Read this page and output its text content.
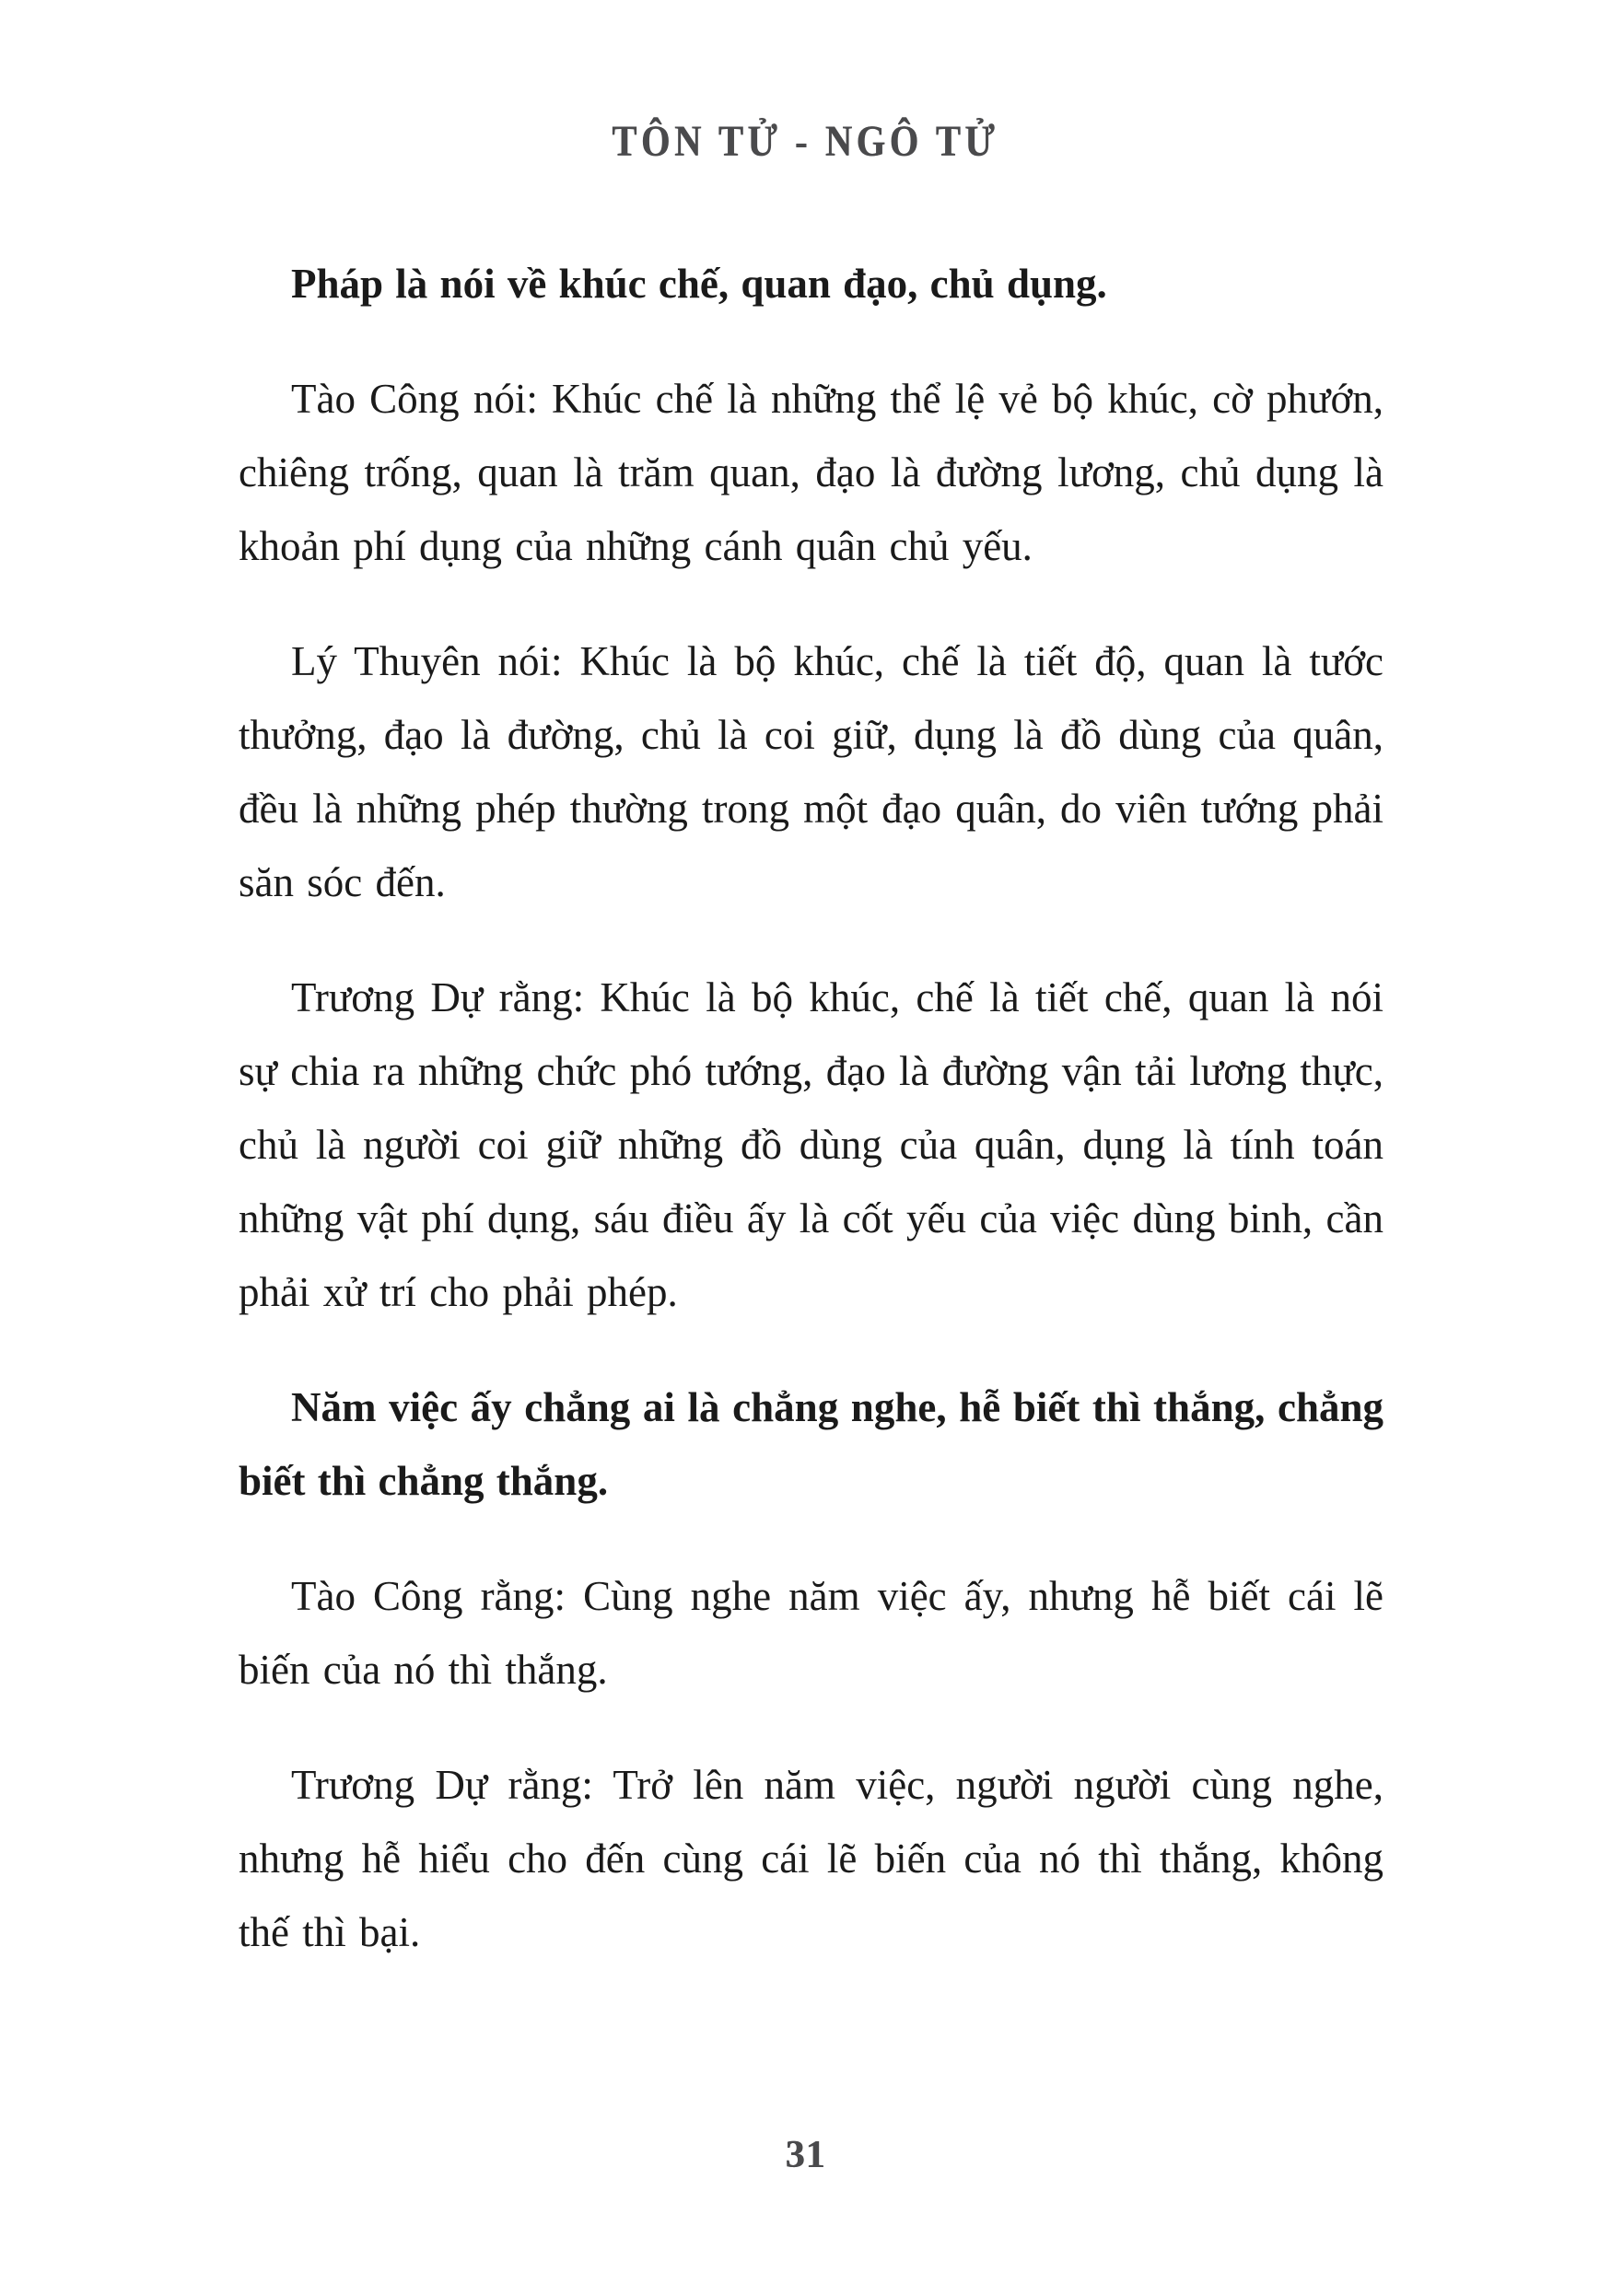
TÔN TỬ - NGÔ TỬ

Pháp là nói về khúc chế, quan đạo, chủ dụng.

Tào Công nói: Khúc chế là những thể lệ vẻ bộ khúc, cờ phướn, chiêng trống, quan là trăm quan, đạo là đường lương, chủ dụng là khoản phí dụng của những cánh quân chủ yếu.

Lý Thuyên nói: Khúc là bộ khúc, chế là tiết độ, quan là tước thưởng, đạo là đường, chủ là coi giữ, dụng là đồ dùng của quân, đều là những phép thường trong một đạo quân, do viên tướng phải săn sóc đến.

Trương Dự rằng: Khúc là bộ khúc, chế là tiết chế, quan là nói sự chia ra những chức phó tướng, đạo là đường vận tải lương thực, chủ là người coi giữ những đồ dùng của quân, dụng là tính toán những vật phí dụng, sáu điều ấy là cốt yếu của việc dùng binh, cần phải xử trí cho phải phép.

Năm việc ấy chẳng ai là chẳng nghe, hễ biết thì thắng, chẳng biết thì chẳng thắng.

Tào Công rằng: Cùng nghe năm việc ấy, nhưng hễ biết cái lẽ biến của nó thì thắng.

Trương Dự rằng: Trở lên năm việc, người người cùng nghe, nhưng hễ hiểu cho đến cùng cái lẽ biến của nó thì thắng, không thế thì bại.

31
